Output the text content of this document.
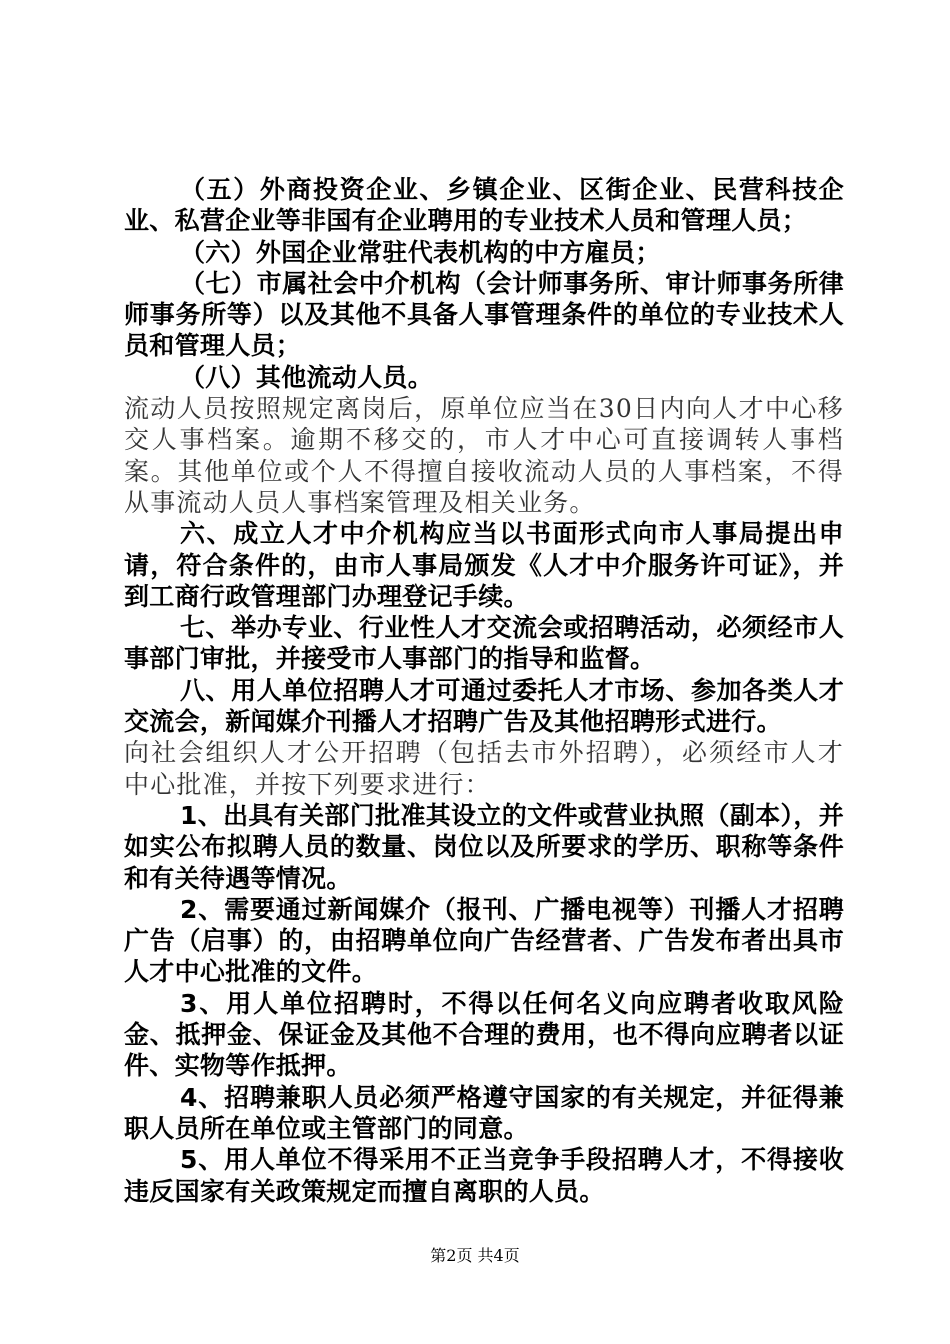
（五）外商投资企业、乡镇企业、区街企业、民营科技企业、私营企业等非国有企业聘用的专业技术人员和管理人员；

（六）外国企业常驻代表机构的中方雇员；

（七）市属社会中介机构（会计师事务所、审计师事务所律师事务所等）以及其他不具备人事管理条件的单位的专业技术人员和管理人员；

（八）其他流动人员。

流动人员按照规定离岗后，原单位应当在30日内向人才中心移交人事档案。逾期不移交的，市人才中心可直接调转人事档案。其他单位或个人不得擅自接收流动人员的人事档案，不得从事流动人员人事档案管理及相关业务。

六、成立人才中介机构应当以书面形式向市人事局提出申请，符合条件的，由市人事局颁发《人才中介服务许可证》，并到工商行政管理部门办理登记手续。

七、举办专业、行业性人才交流会或招聘活动，必须经市人事部门审批，并接受市人事部门的指导和监督。

八、用人单位招聘人才可通过委托人才市场、参加各类人才交流会，新闻媒介刊播人才招聘广告及其他招聘形式进行。

向社会组织人才公开招聘（包括去市外招聘），必须经市人才中心批准，并按下列要求进行：

1、出具有关部门批准其设立的文件或营业执照（副本），并如实公布拟聘人员的数量、岗位以及所要求的学历、职称等条件和有关待遇等情况。

2、需要通过新闻媒介（报刊、广播电视等）刊播人才招聘广告（启事）的，由招聘单位向广告经营者、广告发布者出具市人才中心批准的文件。

3、用人单位招聘时，不得以任何名义向应聘者收取风险金、抵押金、保证金及其他不合理的费用，也不得向应聘者以证件、实物等作抵押。

4、招聘兼职人员必须严格遵守国家的有关规定，并征得兼职人员所在单位或主管部门的同意。

5、用人单位不得采用不正当竞争手段招聘人才，不得接收违反国家有关政策规定而擅自离职的人员。

第2页 共4页
